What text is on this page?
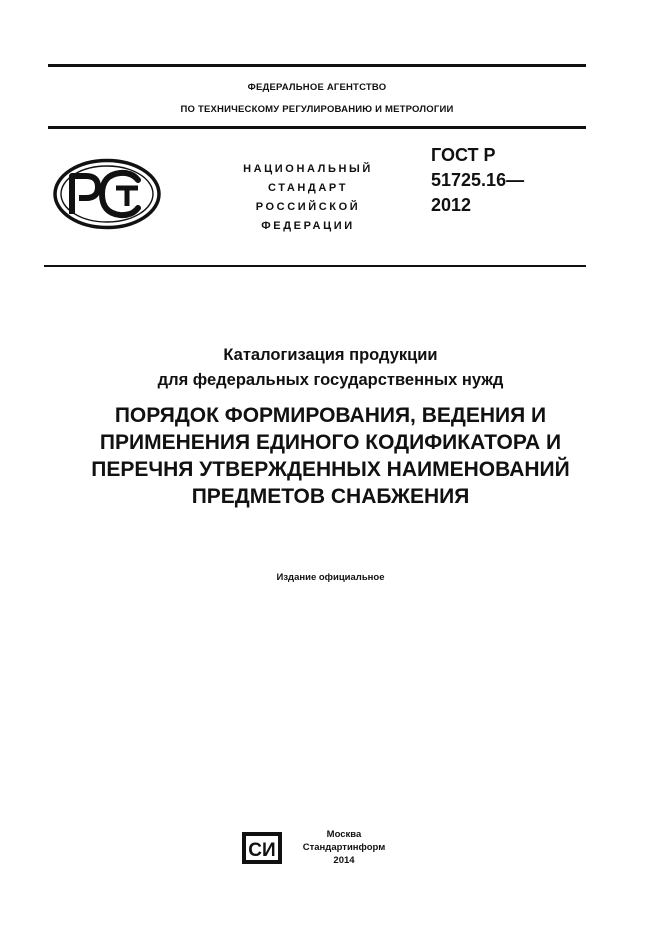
ФЕДЕРАЛЬНОЕ АГЕНТСТВО
ПО ТЕХНИЧЕСКОМУ РЕГУЛИРОВАНИЮ И МЕТРОЛОГИИ
НАЦИОНАЛЬНЫЙ
СТАНДАРТ
РОССИЙСКОЙ
ФЕДЕРАЦИИ
ГОСТ Р
51725.16—
2012
Каталогизация продукции
для федеральных государственных нужд
ПОРЯДОК ФОРМИРОВАНИЯ, ВЕДЕНИЯ И
ПРИМЕНЕНИЯ ЕДИНОГО КОДИФИКАТОРА И
ПЕРЕЧНЯ УТВЕРЖДЕННЫХ НАИМЕНОВАНИЙ
ПРЕДМЕТОВ СНАБЖЕНИЯ
Издание официальное
СИ
Москва
Стандартинформ
2014
